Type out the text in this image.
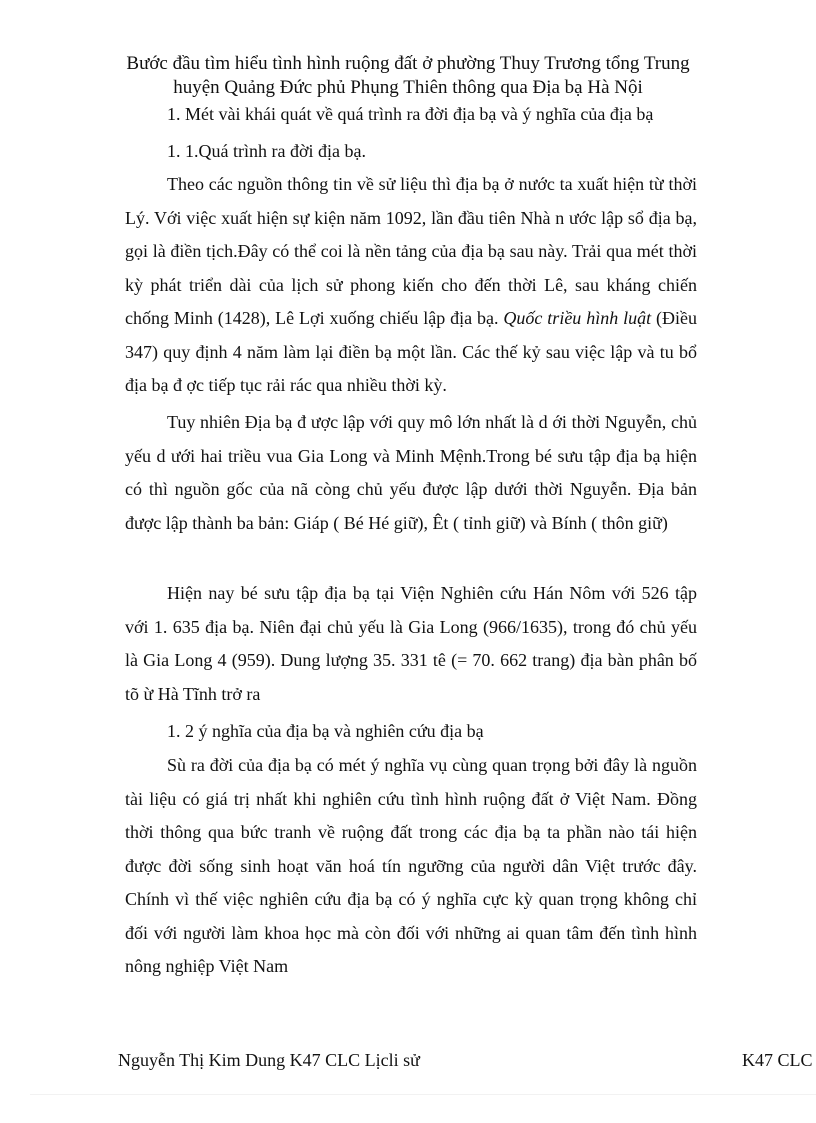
Bước đầu tìm hiểu tình hình ruộng đất ở phường Thuy Trương tổng Trung
huyện Quảng Đức phủ Phụng Thiên thông qua Địa bạ Hà Nội
1. Mét vài khái quát về quá trình ra đời địa bạ và ý nghĩa của địa bạ
1. 1.Quá trình ra đời địa bạ.
Theo các nguồn thông tin về sử liệu thì địa bạ ở nước ta xuất hiện từ thời Lý. Với việc xuất hiện sự kiện năm 1092, lần đầu tiên Nhà n ước lập sổ địa bạ, gọi là điền tịch.Đây có thể coi là nền tảng của địa bạ sau này. Trải qua mét thời kỳ phát triển dài của lịch sử phong kiến cho đến thời Lê, sau kháng chiến chống Minh (1428), Lê Lợi xuống chiếu lập địa bạ. Quốc triều hình luật (Điều 347) quy định 4 năm làm lại điền bạ một lần. Các thế kỷ sau việc lập và tu bổ địa bạ đ ợc tiếp tục rải rác qua nhiều thời kỳ.
Tuy nhiên Địa bạ đ ược lập với quy mô lớn nhất là d ới thời Nguyễn, chủ yếu d ưới hai triều vua Gia Long và Minh Mệnh.Trong bé sưu tập địa bạ hiện có thì nguồn gốc của nã còng chủ yếu được lập dưới thời Nguyễn. Địa bản được lập thành ba bản: Giáp ( Bé Hé giữ), Êt ( tỉnh giữ) và Bính ( thôn giữ)
Hiện nay bé sưu tập địa bạ tại Viện Nghiên cứu Hán Nôm với 526 tập với 1. 635 địa bạ. Niên đại chủ yếu là Gia Long (966/1635), trong đó chủ yếu là Gia Long 4 (959). Dung lượng 35. 331 tê (= 70. 662 trang) địa bàn phân bố tõ ừ Hà Tĩnh trở ra
1. 2 ý nghĩa của địa bạ và nghiên cứu địa bạ
Sù ra đời của địa bạ có mét ý nghĩa vụ cùng quan trọng bởi đây là nguồn tài liệu có giá trị nhất khi nghiên cứu tình hình ruộng đất ở Việt Nam. Đồng thời thông qua bức tranh về ruộng đất trong các địa bạ ta phần nào tái hiện được đời sống sinh hoạt văn hoá tín ngưỡng của người dân Việt trước đây. Chính vì thế việc nghiên cứu địa bạ có ý nghĩa cực kỳ quan trọng không chỉ đối với người làm khoa học mà còn đối với những ai quan tâm đến tình hình nông nghiệp Việt Nam
Nguyễn Thị Kim Dung K47 CLC Lịcli sử	K47 CLC
